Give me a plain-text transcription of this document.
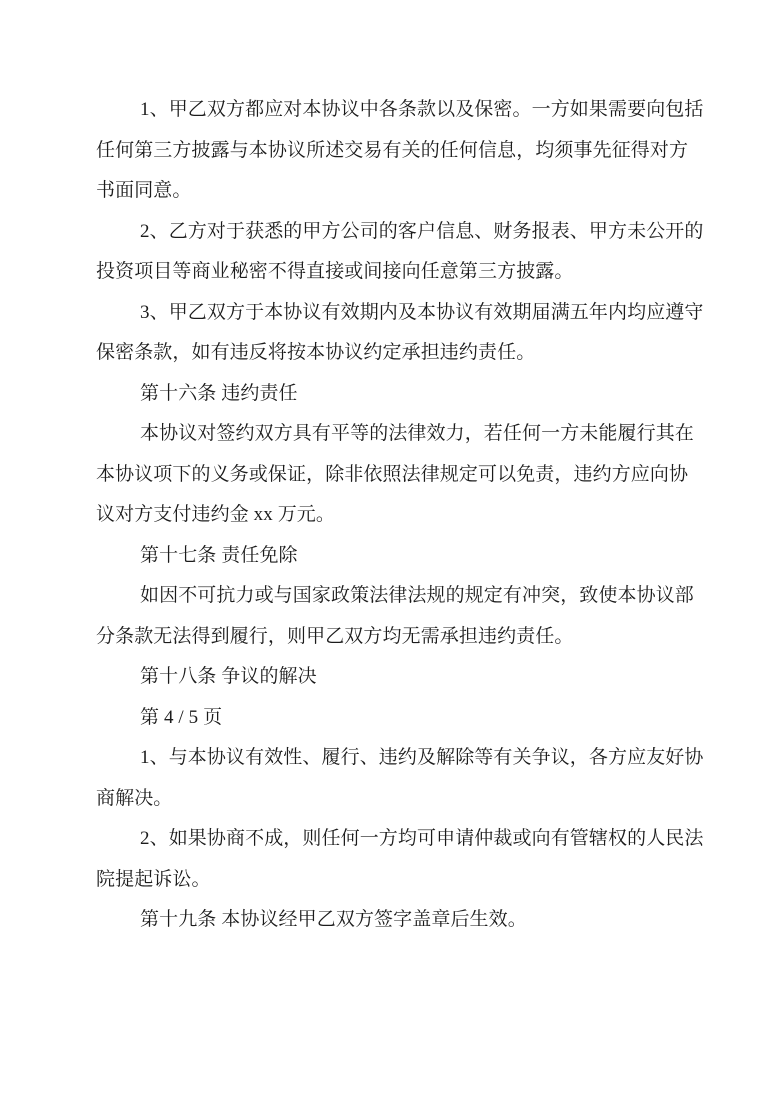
1、甲乙双方都应对本协议中各条款以及保密。一方如果需要向包括
任何第三方披露与本协议所述交易有关的任何信息，均须事先征得对方
书面同意。
2、乙方对于获悉的甲方公司的客户信息、财务报表、甲方未公开的
投资项目等商业秘密不得直接或间接向任意第三方披露。
3、甲乙双方于本协议有效期内及本协议有效期届满五年内均应遵守
保密条款，如有违反将按本协议约定承担违约责任。
第十六条 违约责任
本协议对签约双方具有平等的法律效力，若任何一方未能履行其在
本协议项下的义务或保证，除非依照法律规定可以免责，违约方应向协
议对方支付违约金 xx 万元。
第十七条 责任免除
如因不可抗力或与国家政策法律法规的规定有冲突，致使本协议部
分条款无法得到履行，则甲乙双方均无需承担违约责任。
第十八条 争议的解决
第 4 / 5 页
1、与本协议有效性、履行、违约及解除等有关争议，各方应友好协
商解决。
2、如果协商不成，则任何一方均可申请仲裁或向有管辖权的人民法
院提起诉讼。
第十九条 本协议经甲乙双方签字盖章后生效。
